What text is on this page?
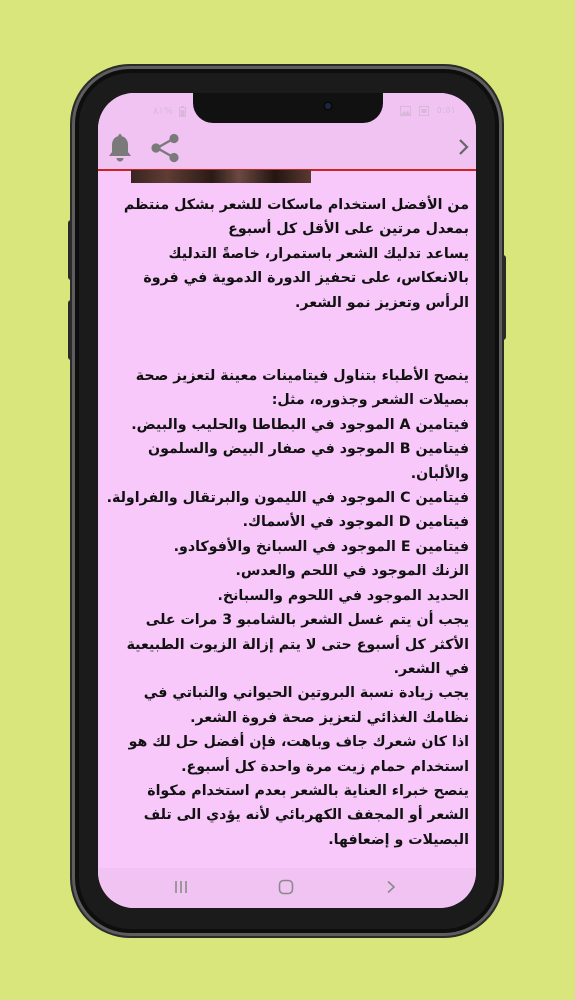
٨١%	٥:٥١

من الأفضل استخدام ماسكات للشعر بشكل منتظم بمعدل مرتين على الأقل كل أسبوع

يساعد تدليك الشعر باستمرار، خاصةً التدليك بالانعكاس، على تحفيز الدورة الدموية في فروة الرأس وتعزيز نمو الشعر.

ينصح الأطباء بتناول فيتامينات معينة لتعزيز صحة بصيلات الشعر وجذوره، مثل:

فيتامين A الموجود في البطاطا والحليب والبيض.

فيتامين B الموجود في صفار البيض والسلمون والألبان.

فيتامين C الموجود في الليمون والبرتقال والفراولة.

فيتامين D الموجود في الأسماك.

فيتامين E الموجود في السبانخ والأفوكادو.

الزنك الموجود في اللحم والعدس.

الحديد الموجود في اللحوم والسبانخ.

يجب أن يتم غسل الشعر بالشامبو 3 مرات على الأكثر كل أسبوع حتى لا يتم إزالة الزيوت الطبيعية في الشعر.

يجب زيادة نسبة البروتين الحيواني والنباتي في نظامك الغذائي لتعزيز صحة فروة الشعر.

اذا كان شعرك جاف وباهت، فإن أفضل حل لك هو استخدام حمام زيت مرة واحدة كل أسبوع.

ينصح خبراء العناية بالشعر بعدم استخدام مكواة الشعر أو المجفف الكهربائي لأنه يؤدي الى تلف البصيلات و إضعافها.
